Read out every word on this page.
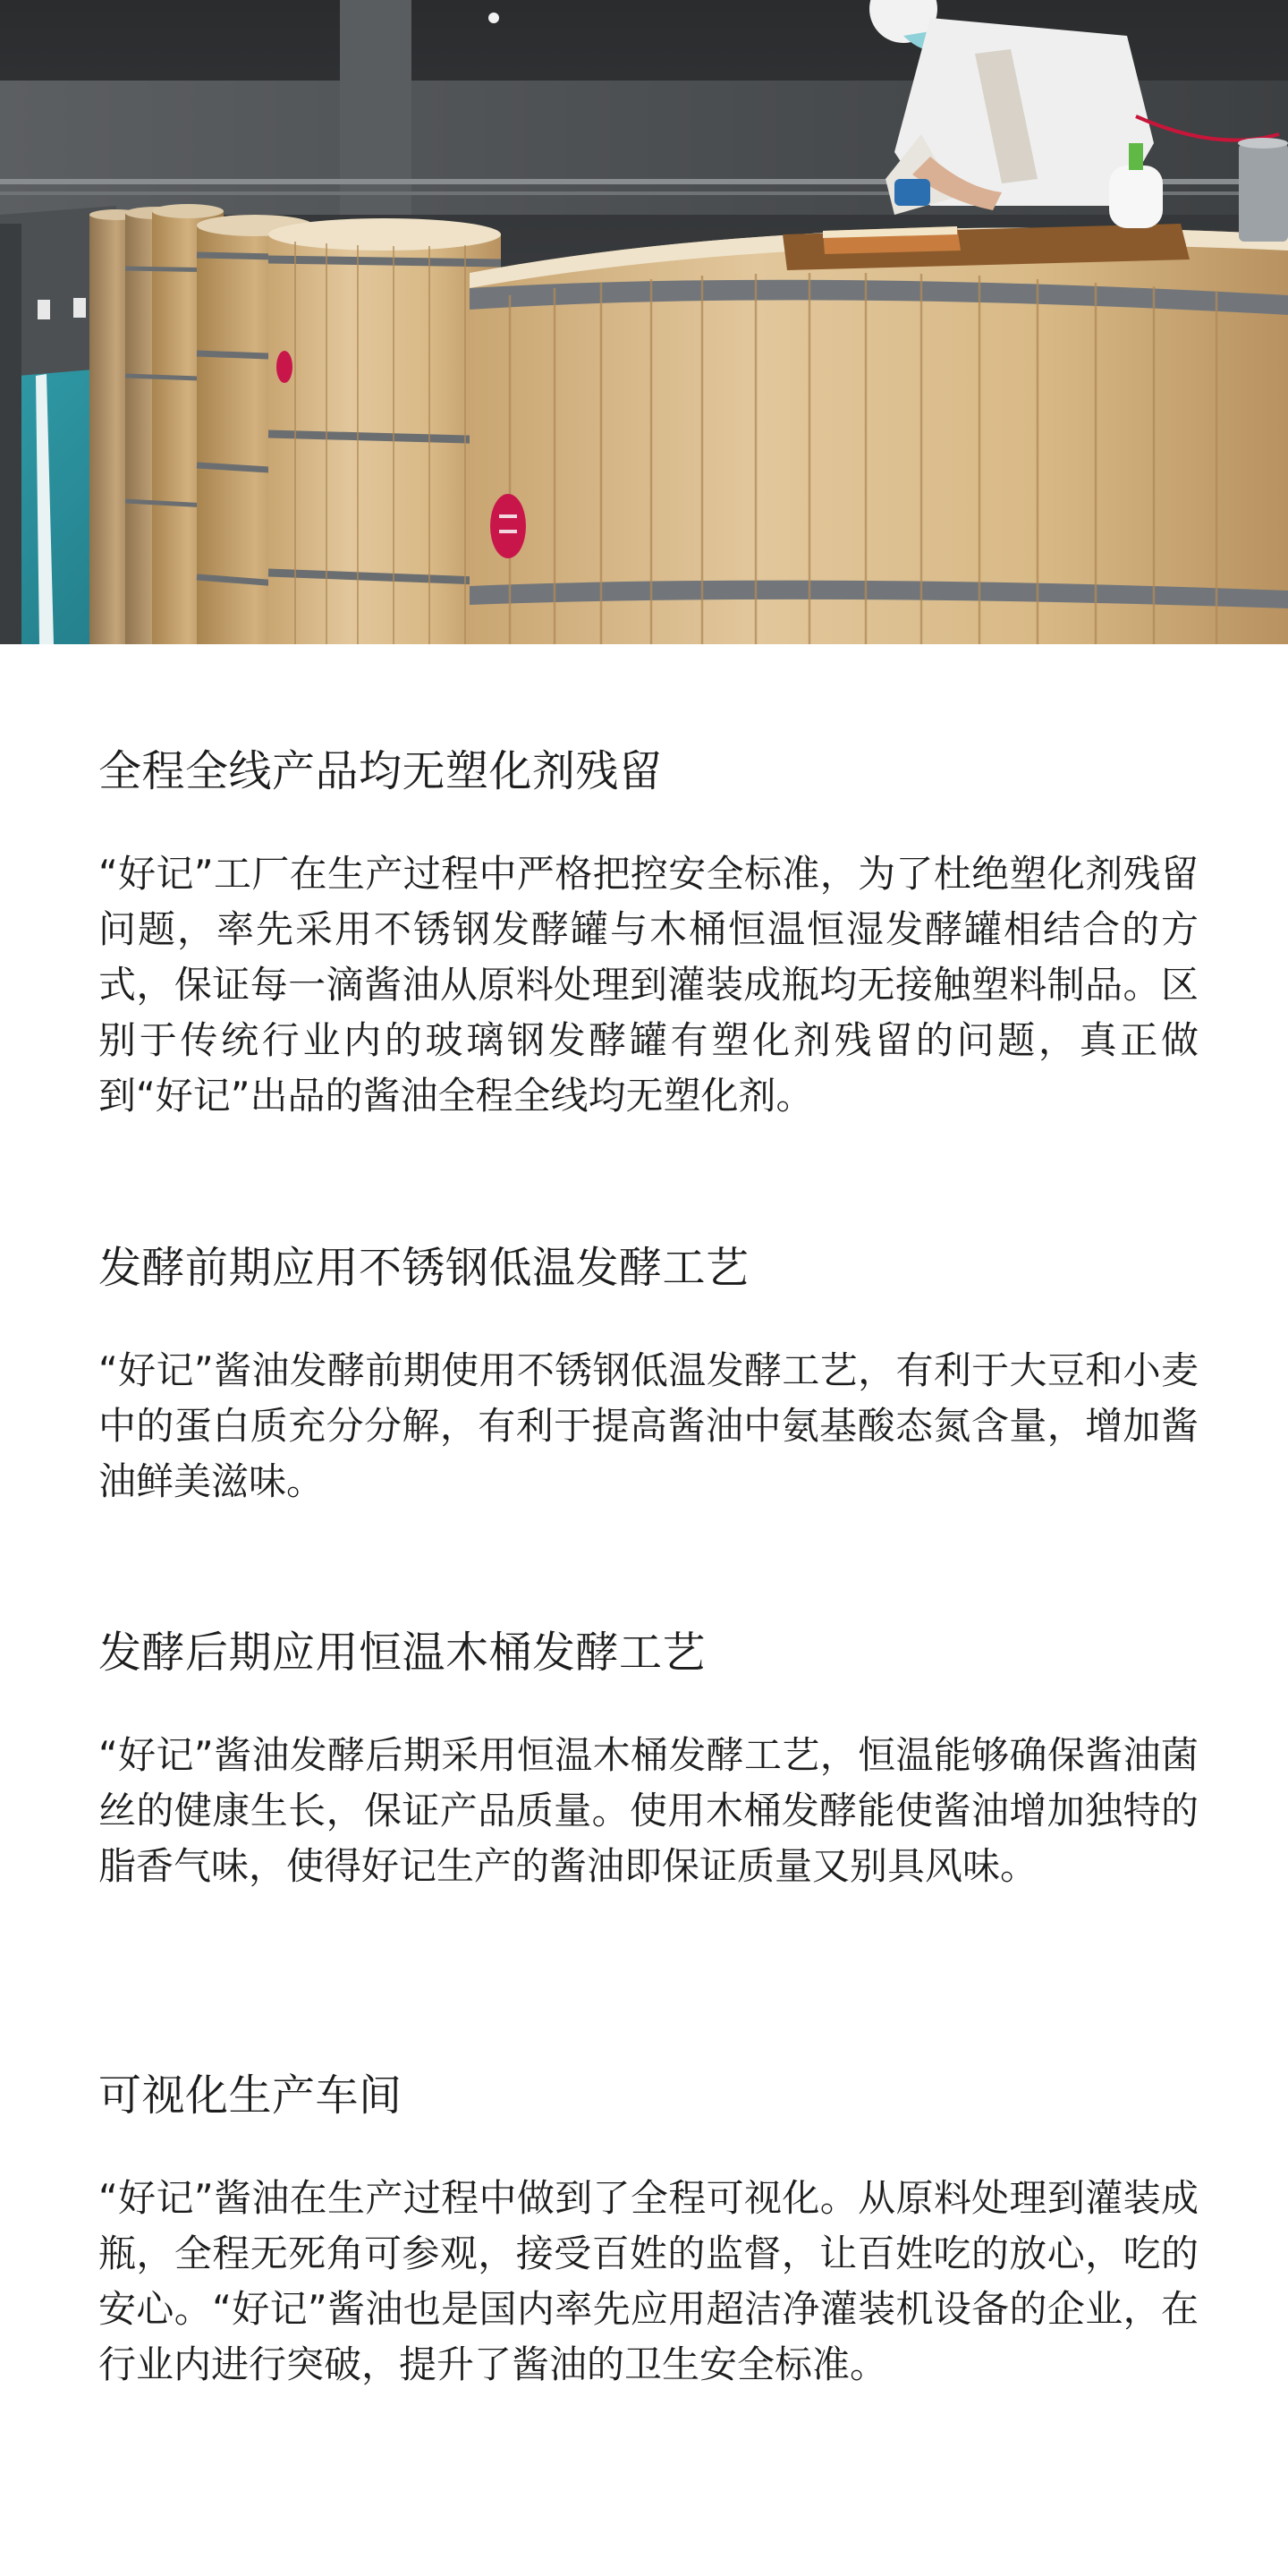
全程全线产品均无塑化剂残留

“好记”工厂在生产过程中严格把控安全标准，为了杜绝塑化剂残留问题，率先采用不锈钢发酵罐与木桶恒温恒湿发酵罐相结合的方式，保证每一滴酱油从原料处理到灌装成瓶均无接触塑料制品。区别于传统行业内的玻璃钢发酵罐有塑化剂残留的问题，真正做到“好记”出品的酱油全程全线均无塑化剂。

发酵前期应用不锈钢低温发酵工艺

“好记”酱油发酵前期使用不锈钢低温发酵工艺，有利于大豆和小麦中的蛋白质充分分解，有利于提高酱油中氨基酸态氮含量，增加酱油鲜美滋味。

发酵后期应用恒温木桶发酵工艺

“好记”酱油发酵后期采用恒温木桶发酵工艺，恒温能够确保酱油菌丝的健康生长，保证产品质量。使用木桶发酵能使酱油增加独特的脂香气味，使得好记生产的酱油即保证质量又别具风味。

可视化生产车间

“好记”酱油在生产过程中做到了全程可视化。从原料处理到灌装成瓶，全程无死角可参观，接受百姓的监督，让百姓吃的放心，吃的安心。“好记”酱油也是国内率先应用超洁净灌装机设备的企业，在行业内进行突破，提升了酱油的卫生安全标准。
